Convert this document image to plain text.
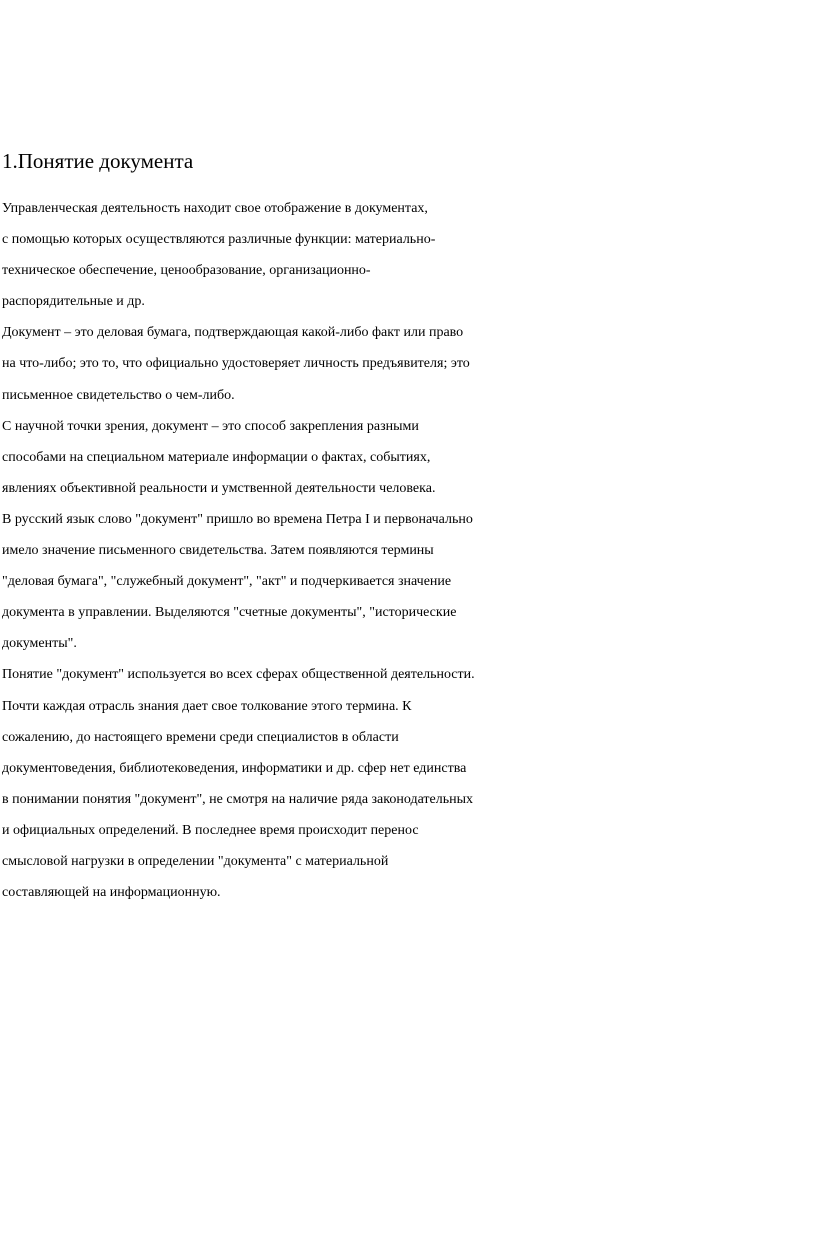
1.Понятие документа
Управленческая деятельность находит свое отображение в документах,
с помощью которых осуществляются различные функции: материально-
техническое обеспечение, ценообразование, организационно-
распорядительные и др.
Документ – это деловая бумага, подтверждающая какой-либо факт или право
на что-либо; это то, что официально удостоверяет личность предъявителя; это
письменное свидетельство о чем-либо.
С научной точки зрения, документ – это способ закрепления разными
способами на специальном материале информации о фактах, событиях,
явлениях объективной реальности и умственной деятельности человека.
В русский язык слово "документ" пришло во времена Петра I и первоначально
имело значение письменного свидетельства. Затем появляются термины
"деловая бумага", "служебный документ", "акт" и подчеркивается значение
документа в управлении. Выделяются "счетные документы", "исторические
документы".
Понятие "документ" используется во всех сферах общественной деятельности.
Почти каждая отрасль знания дает свое толкование этого термина. К
сожалению, до настоящего времени среди специалистов в области
документоведения, библиотековедения, информатики и др. сфер нет единства
в понимании понятия "документ", не смотря на наличие ряда законодательных
и официальных определений. В последнее время происходит перенос
смысловой нагрузки в определении "документа" с материальной
составляющей на информационную.
